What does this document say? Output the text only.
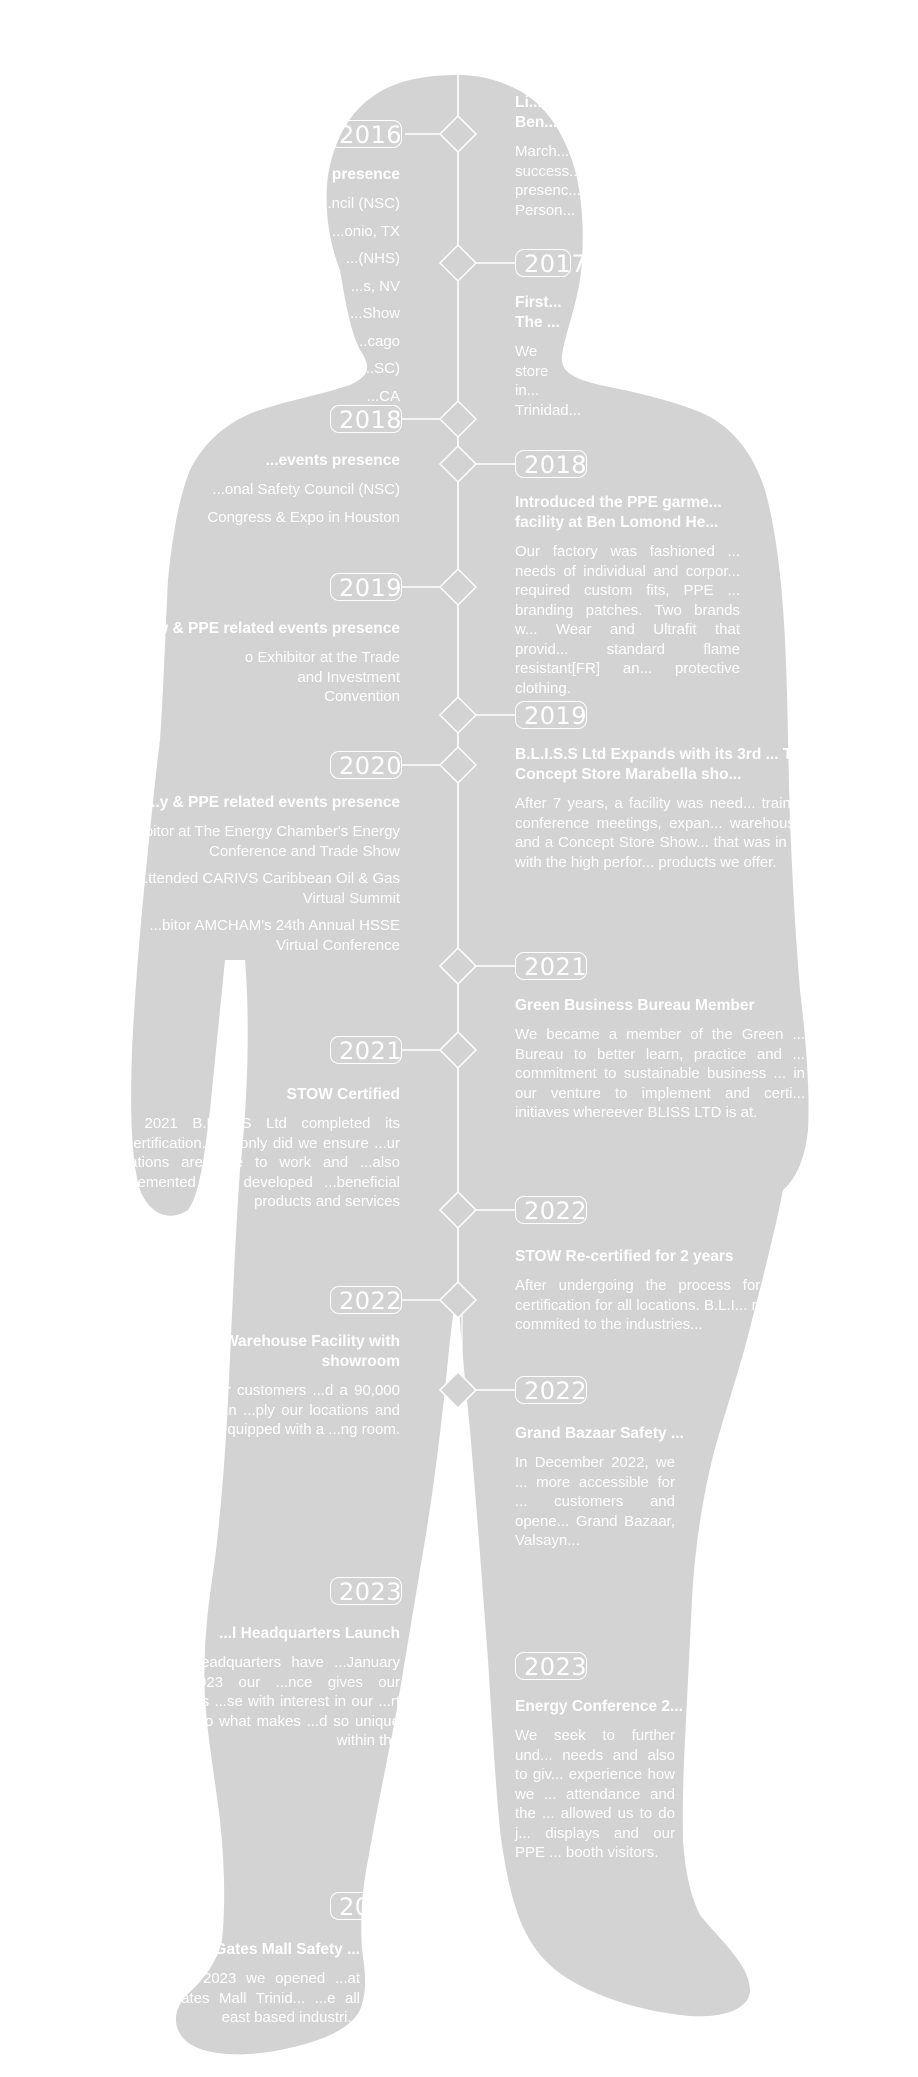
2016
...events presence
...ncil (NSC)
...onio, TX
...(NHS)
...s, NV
...Show
...cago
...SC)
...CA
2018
...events presence
...onal Safety Council (NSC)
Congress & Expo in Houston
2019
...w & PPE related events presence
o Exhibitor at the Trade and Investment Convention
2020
...y & PPE related events presence
...ibitor at The Energy Chamber's Energy Conference and Trade Show
...ttended CARIVS Caribbean Oil & Gas Virtual Summit
...bitor AMCHAM's 24th Annual HSSE Virtual Conference
2021
STOW Certified
...y 2021 B.L.I.S.S Ltd completed its ...Certification. Not only did we ensure ...ur locations are safe to work and ...also implemented and developed ...beneficial products and services
2022
...e Warehouse Facility with showroom
...ly meet our customers ...d a 90,000 sq ft facility in ...ply our locations and ...is also equipped with a ...ng room.
2023
...l Headquarters Launch
...gital Headquarters have ...January 23rd, 2023 our ...nce gives our customers ...se with interest in our ...rt insight into what makes ...d so unique within the
20...
...Gates Mall Safety ...
...h 31st, 2023 we opened ...at East Gates Mall Trinid... ...e all east based industri...
Li... Ben...
March... success... presenc... Person...
2017
First... The ...
We ... store in... Trinidad...
2018
Introduced the PPE garme... facility at Ben Lomond He...
Our factory was fashioned ... needs of individual and corpor... required custom fits, PPE ... branding patches. Two brands w... Wear and Ultrafit that provid... standard flame resistant[FR] an... protective clothing.
2019
B.L.I.S.S Ltd Expands with its 3rd ... The Concept Store Marabella sho...
After 7 years, a facility was need... training, conference meetings, expan... warehousing and a Concept Store Show... that was in line with the high perfor... products we offer.
2021
Green Business Bureau Member
We became a member of the Green ... Bureau to better learn, practice and ... commitment to sustainable business ... in our venture to implement and certi... initiaves whereever BLISS LTD is at.
2022
STOW Re-certified for 2 years
After undergoing the process for a ... certification for all locations. B.L.I... remains commited to the industries...
2022
Grand Bazaar Safety ...
In December 2022, we ... more accessible for ... customers and opene... Grand Bazaar, Valsayn...
2023
Energy Conference 2...
We seek to further und... needs and also to giv... experience how we ... attendance and the ... allowed us to do j... displays and our PPE ... booth visitors.
